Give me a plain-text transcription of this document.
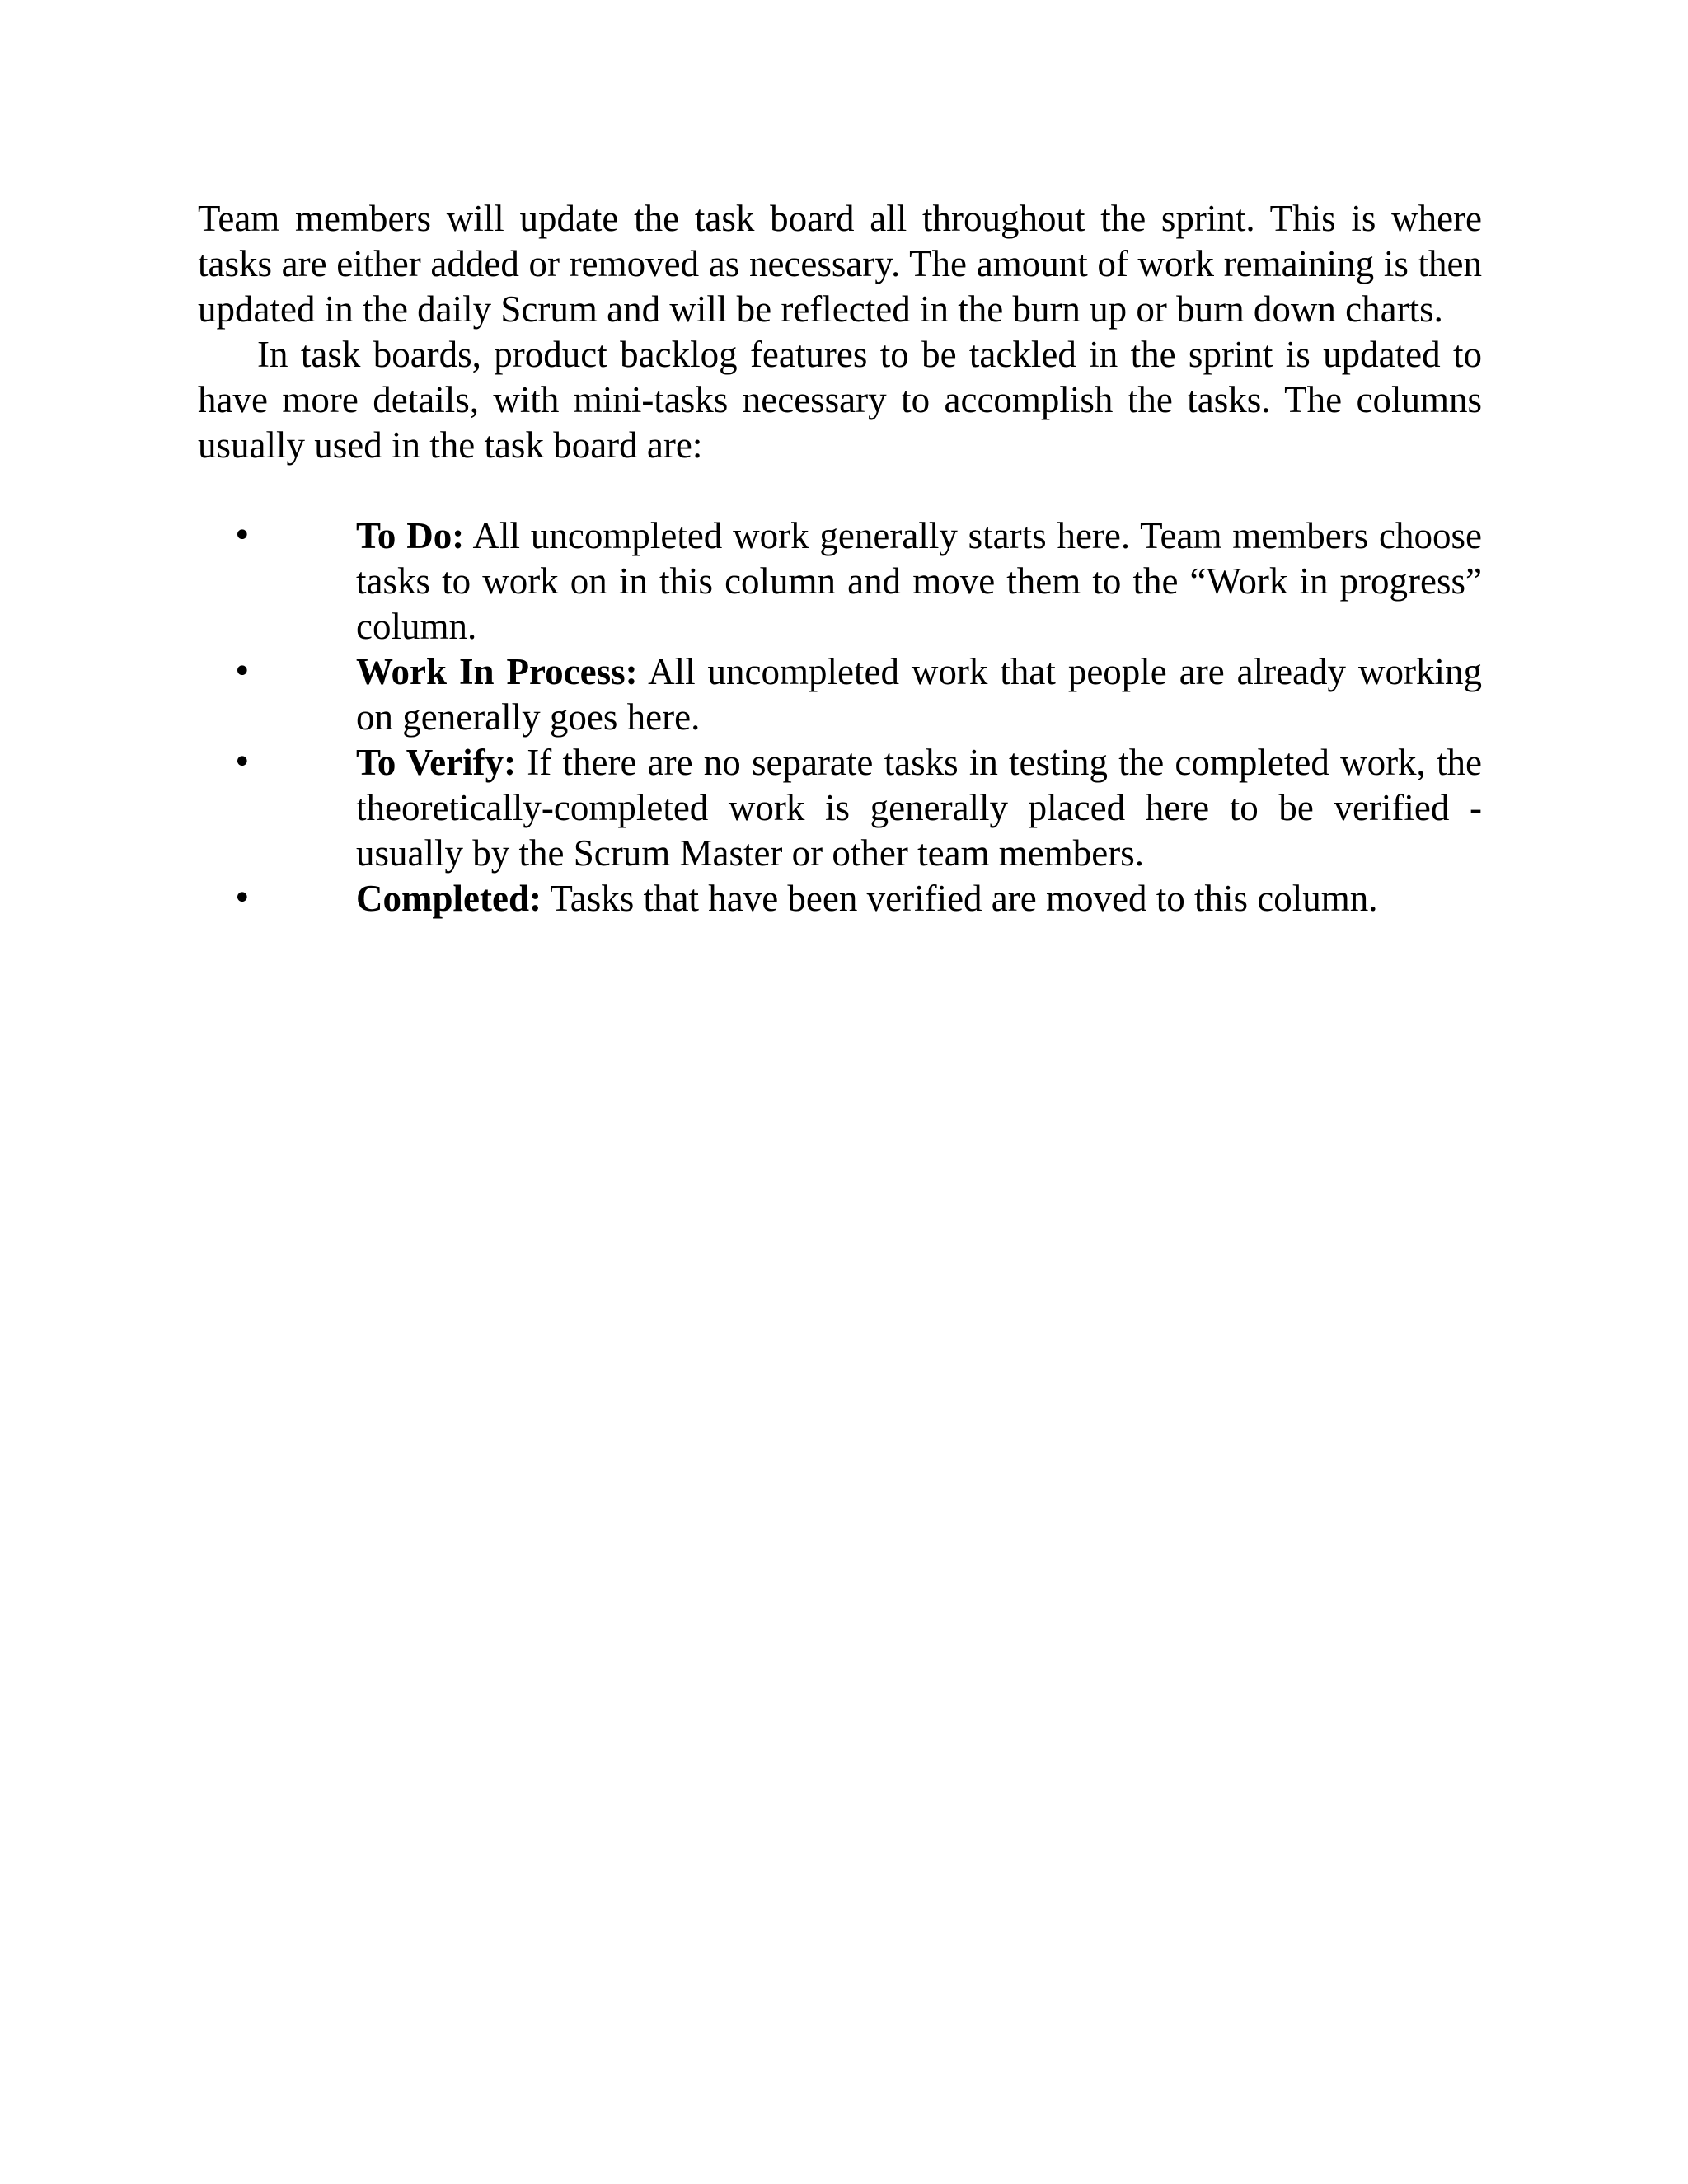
Team members will update the task board all throughout the sprint. This is where tasks are either added or removed as necessary. The amount of work remaining is then updated in the daily Scrum and will be reflected in the burn up or burn down charts.

In task boards, product backlog features to be tackled in the sprint is updated to have more details, with mini-tasks necessary to accomplish the tasks. The columns usually used in the task board are:

•	To Do: All uncompleted work generally starts here. Team members choose tasks to work on in this column and move them to the “Work in progress” column.
•	Work In Process: All uncompleted work that people are already working on generally goes here.
•	To Verify: If there are no separate tasks in testing the completed work, the theoretically-completed work is generally placed here to be verified - usually by the Scrum Master or other team members.
•	Completed: Tasks that have been verified are moved to this column.
